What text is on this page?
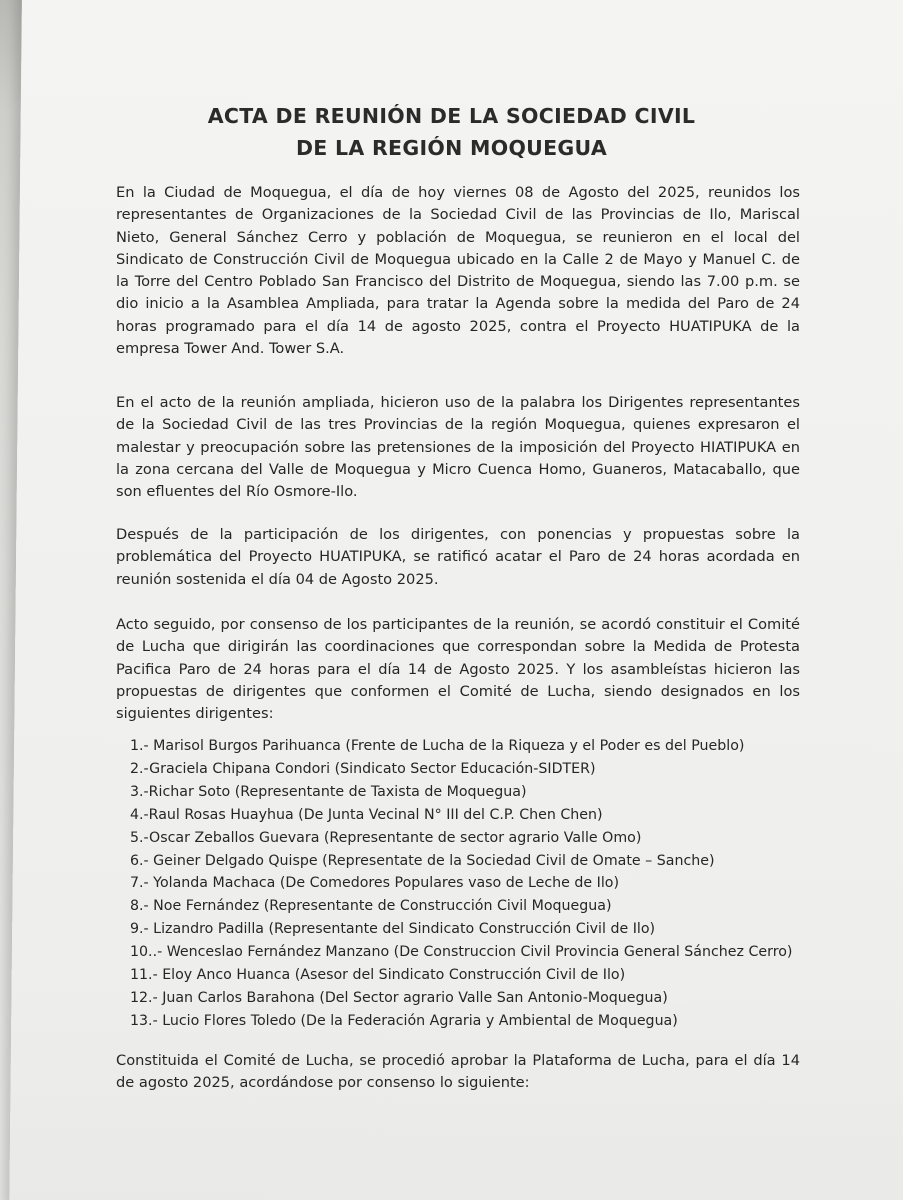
ACTA DE REUNIÓN DE LA SOCIEDAD CIVIL
DE LA REGIÓN MOQUEGUA

En la Ciudad de Moquegua, el día de hoy viernes 08 de Agosto del 2025, reunidos los representantes de Organizaciones de la Sociedad Civil de las Provincias de Ilo, Mariscal Nieto, General Sánchez Cerro y población de Moquegua, se reunieron en el local del Sindicato de Construcción Civil de Moquegua ubicado en la Calle 2 de Mayo y Manuel C. de la Torre del Centro Poblado San Francisco del Distrito de Moquegua, siendo las 7.00 p.m. se dio inicio a la Asamblea Ampliada, para tratar la Agenda sobre la medida del Paro de 24 horas programado para el día 14 de agosto 2025, contra el Proyecto HUATIPUKA de la empresa Tower And. Tower S.A.

En el acto de la reunión ampliada, hicieron uso de la palabra los Dirigentes representantes de la Sociedad Civil de las tres Provincias de la región Moquegua, quienes expresaron el malestar y preocupación sobre las pretensiones de la imposición del Proyecto HIATIPUKA en la zona cercana del Valle de Moquegua y Micro Cuenca Homo, Guaneros, Matacaballo, que son efluentes del Río Osmore-Ilo.

Después de la participación de los dirigentes, con ponencias y propuestas sobre la problemática del Proyecto HUATIPUKA, se ratificó acatar el Paro de 24 horas acordada en reunión sostenida el día 04 de Agosto 2025.

Acto seguido, por consenso de los participantes de la reunión, se acordó constituir el Comité de Lucha que dirigirán las coordinaciones que correspondan sobre la Medida de Protesta Pacifica Paro de 24 horas para el día 14 de Agosto 2025. Y los asambleístas hicieron las propuestas de dirigentes que conformen el Comité de Lucha, siendo designados en los siguientes dirigentes:

1.- Marisol Burgos Parihuanca (Frente de Lucha de la Riqueza y el Poder es del Pueblo)
2.-Graciela Chipana Condori (Sindicato Sector Educación-SIDTER)
3.-Richar Soto (Representante de Taxista de Moquegua)
4.-Raul Rosas Huayhua (De Junta Vecinal N° III del C.P. Chen Chen)
5.-Oscar Zeballos Guevara (Representante de sector agrario Valle Omo)
6.- Geiner Delgado Quispe (Representate de la Sociedad Civil de Omate – Sanche)
7.- Yolanda Machaca (De Comedores Populares vaso de Leche de Ilo)
8.- Noe Fernández (Representante de Construcción Civil Moquegua)
9.- Lizandro Padilla (Representante del Sindicato Construcción Civil de Ilo)
10..- Wenceslao Fernández Manzano (De Construccion Civil Provincia General Sánchez Cerro)
11.- Eloy Anco Huanca (Asesor del Sindicato Construcción Civil de Ilo)
12.- Juan Carlos Barahona (Del Sector agrario Valle San Antonio-Moquegua)
13.- Lucio Flores Toledo (De la Federación Agraria y Ambiental de Moquegua)

Constituida el Comité de Lucha, se procedió aprobar la Plataforma de Lucha, para el día 14 de agosto 2025, acordándose por consenso lo siguiente:
